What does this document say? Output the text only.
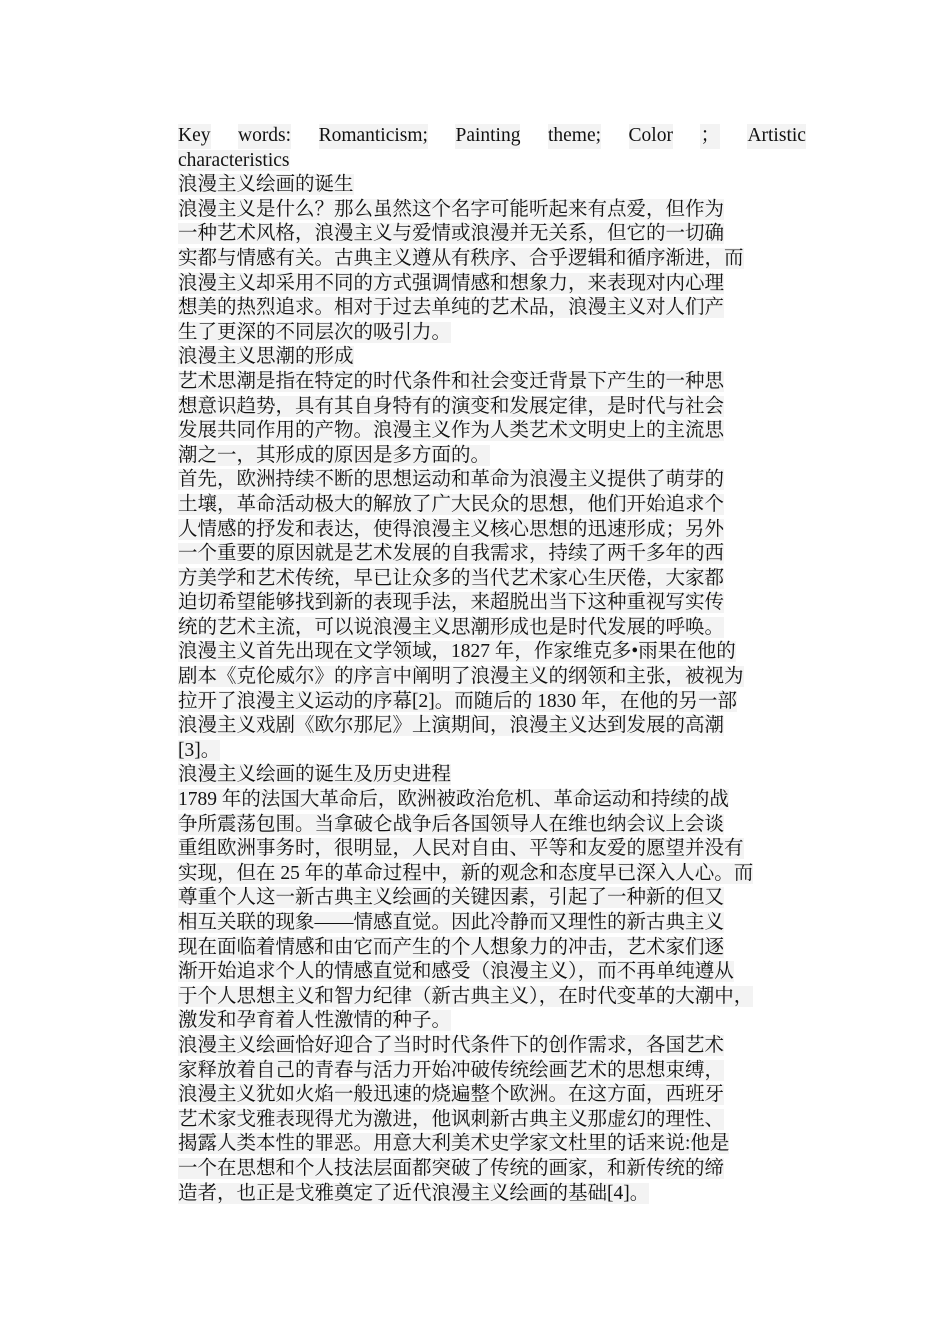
Key words: Romanticism; Painting theme; Color ； Artistic
characteristics
浪漫主义绘画的诞生
浪漫主义是什么？那么虽然这个名字可能听起来有点爱，但作为
一种艺术风格，浪漫主义与爱情或浪漫并无关系，但它的一切确
实都与情感有关。古典主义遵从有秩序、合乎逻辑和循序渐进，而
浪漫主义却采用不同的方式强调情感和想象力，来表现对内心理
想美的热烈追求。相对于过去单纯的艺术品，浪漫主义对人们产
生了更深的不同层次的吸引力。
浪漫主义思潮的形成
艺术思潮是指在特定的时代条件和社会变迁背景下产生的一种思
想意识趋势，具有其自身特有的演变和发展定律，是时代与社会
发展共同作用的产物。浪漫主义作为人类艺术文明史上的主流思
潮之一，其形成的原因是多方面的。
首先，欧洲持续不断的思想运动和革命为浪漫主义提供了萌芽的
土壤，革命活动极大的解放了广大民众的思想，他们开始追求个
人情感的抒发和表达，使得浪漫主义核心思想的迅速形成；另外
一个重要的原因就是艺术发展的自我需求，持续了两千多年的西
方美学和艺术传统，早已让众多的当代艺术家心生厌倦，大家都
迫切希望能够找到新的表现手法，来超脱出当下这种重视写实传
统的艺术主流，可以说浪漫主义思潮形成也是时代发展的呼唤。
浪漫主义首先出现在文学领域，1827 年，作家维克多•雨果在他的
剧本《克伦威尔》的序言中阐明了浪漫主义的纲领和主张，被视为
拉开了浪漫主义运动的序幕[2]。而随后的 1830 年，在他的另一部
浪漫主义戏剧《欧尔那尼》上演期间，浪漫主义达到发展的高潮
[3]。
浪漫主义绘画的诞生及历史进程
1789 年的法国大革命后，欧洲被政治危机、革命运动和持续的战
争所震荡包围。当拿破仑战争后各国领导人在维也纳会议上会谈
重组欧洲事务时，很明显，人民对自由、平等和友爱的愿望并没有
实现，但在 25 年的革命过程中，新的观念和态度早已深入人心。而
尊重个人这一新古典主义绘画的关键因素，引起了一种新的但又
相互关联的现象——情感直觉。因此冷静而又理性的新古典主义
现在面临着情感和由它而产生的个人想象力的冲击，艺术家们逐
渐开始追求个人的情感直觉和感受（浪漫主义），而不再单纯遵从
于个人思想主义和智力纪律（新古典主义），在时代变革的大潮中，
激发和孕育着人性激情的种子。
浪漫主义绘画恰好迎合了当时时代条件下的创作需求，各国艺术
家释放着自己的青春与活力开始冲破传统绘画艺术的思想束缚，
浪漫主义犹如火焰一般迅速的烧遍整个欧洲。在这方面，西班牙
艺术家戈雅表现得尤为激进，他讽刺新古典主义那虚幻的理性、
揭露人类本性的罪恶。用意大利美术史学家文杜里的话来说:他是
一个在思想和个人技法层面都突破了传统的画家，和新传统的缔
造者，也正是戈雅奠定了近代浪漫主义绘画的基础[4]。
